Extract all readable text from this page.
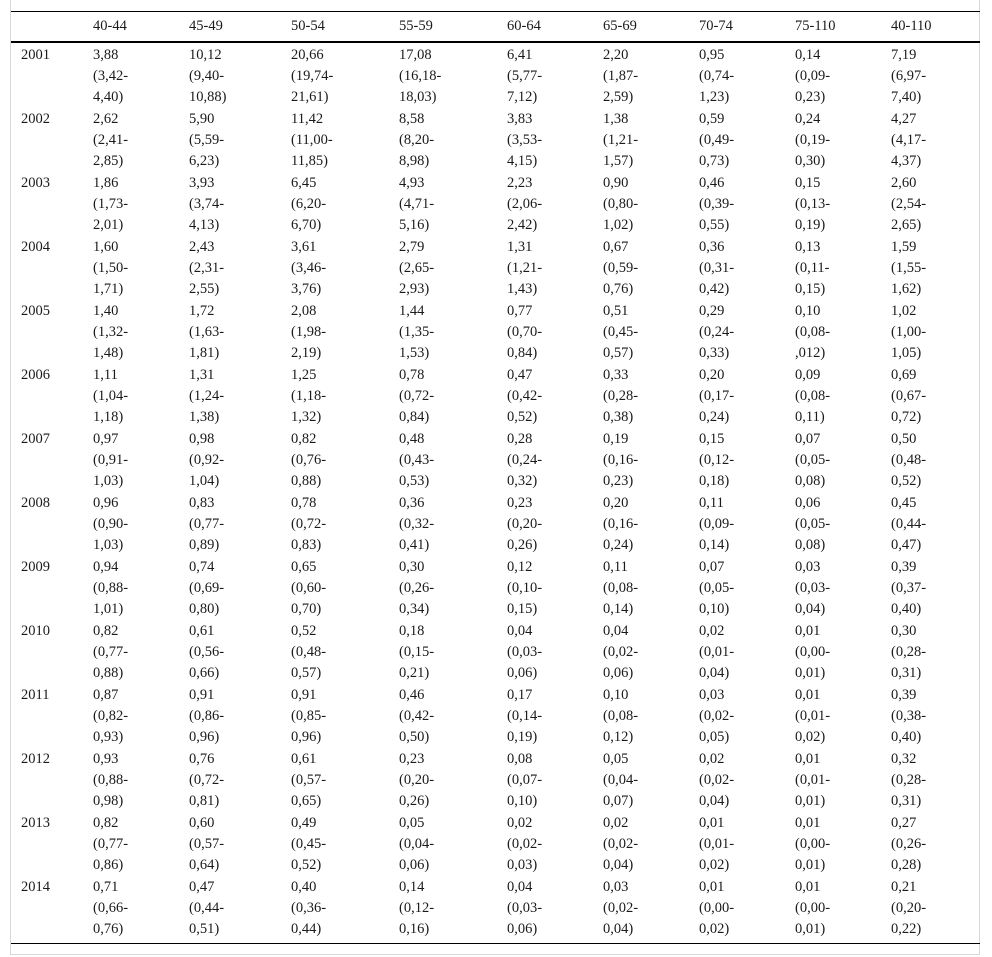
	40-44	45-49	50-54	55-59	60-64	65-69	70-74	75-110	40-110
2001	3,88
(3,42-
4,40)	10,12
(9,40-
10,88)	20,66
(19,74-
21,61)	17,08
(16,18-
18,03)	6,41
(5,77-
7,12)	2,20
(1,87-
2,59)	0,95
(0,74-
1,23)	0,14
(0,09-
0,23)	7,19
(6,97-
7,40)

2002	2,62
(2,41-
2,85)	5,90
(5,59-
6,23)	11,42
(11,00-
11,85)	8,58
(8,20-
8,98)	3,83
(3,53-
4,15)	1,38
(1,21-
1,57)	0,59
(0,49-
0,73)	0,24
(0,19-
0,30)	4,27
(4,17-
4,37)

2003	1,86
(1,73-
2,01)	3,93
(3,74-
4,13)	6,45
(6,20-
6,70)	4,93
(4,71-
5,16)	2,23
(2,06-
2,42)	0,90
(0,80-
1,02)	0,46
(0,39-
0,55)	0,15
(0,13-
0,19)	2,60
(2,54-
2,65)

2004	1,60
(1,50-
1,71)	2,43
(2,31-
2,55)	3,61
(3,46-
3,76)	2,79
(2,65-
2,93)	1,31
(1,21-
1,43)	0,67
(0,59-
0,76)	0,36
(0,31-
0,42)	0,13
(0,11-
0,15)	1,59
(1,55-
1,62)

2005	1,40
(1,32-
1,48)	1,72
(1,63-
1,81)	2,08
(1,98-
2,19)	1,44
(1,35-
1,53)	0,77
(0,70-
0,84)	0,51
(0,45-
0,57)	0,29
(0,24-
0,33)	0,10
(0,08-
,012)	1,02
(1,00-
1,05)

2006	1,11
(1,04-
1,18)	1,31
(1,24-
1,38)	1,25
(1,18-
1,32)	0,78
(0,72-
0,84)	0,47
(0,42-
0,52)	0,33
(0,28-
0,38)	0,20
(0,17-
0,24)	0,09
(0,08-
0,11)	0,69
(0,67-
0,72)

2007	0,97
(0,91-
1,03)	0,98
(0,92-
1,04)	0,82
(0,76-
0,88)	0,48
(0,43-
0,53)	0,28
(0,24-
0,32)	0,19
(0,16-
0,23)	0,15
(0,12-
0,18)	0,07
(0,05-
0,08)	0,50
(0,48-
0,52)

2008	0,96
(0,90-
1,03)	0,83
(0,77-
0,89)	0,78
(0,72-
0,83)	0,36
(0,32-
0,41)	0,23
(0,20-
0,26)	0,20
(0,16-
0,24)	0,11
(0,09-
0,14)	0,06
(0,05-
0,08)	0,45
(0,44-
0,47)

2009	0,94
(0,88-
1,01)	0,74
(0,69-
0,80)	0,65
(0,60-
0,70)	0,30
(0,26-
0,34)	0,12
(0,10-
0,15)	0,11
(0,08-
0,14)	0,07
(0,05-
0,10)	0,03
(0,03-
0,04)	0,39
(0,37-
0,40)

2010	0,82
(0,77-
0,88)	0,61
(0,56-
0,66)	0,52
(0,48-
0,57)	0,18
(0,15-
0,21)	0,04
(0,03-
0,06)	0,04
(0,02-
0,06)	0,02
(0,01-
0,04)	0,01
(0,00-
0,01)	0,30
(0,28-
0,31)

2011	0,87
(0,82-
0,93)	0,91
(0,86-
0,96)	0,91
(0,85-
0,96)	0,46
(0,42-
0,50)	0,17
(0,14-
0,19)	0,10
(0,08-
0,12)	0,03
(0,02-
0,05)	0,01
(0,01-
0,02)	0,39
(0,38-
0,40)

2012	0,93
(0,88-
0,98)	0,76
(0,72-
0,81)	0,61
(0,57-
0,65)	0,23
(0,20-
0,26)	0,08
(0,07-
0,10)	0,05
(0,04-
0,07)	0,02
(0,02-
0,04)	0,01
(0,01-
0,01)	0,32
(0,28-
0,31)

2013	0,82
(0,77-
0,86)	0,60
(0,57-
0,64)	0,49
(0,45-
0,52)	0,05
(0,04-
0,06)	0,02
(0,02-
0,03)	0,02
(0,02-
0,04)	0,01
(0,01-
0,02)	0,01
(0,00-
0,01)	0,27
(0,26-
0,28)

2014	0,71
(0,66-
0,76)	0,47
(0,44-
0,51)	0,40
(0,36-
0,44)	0,14
(0,12-
0,16)	0,04
(0,03-
0,06)	0,03
(0,02-
0,04)	0,01
(0,00-
0,02)	0,01
(0,00-
0,01)	0,21
(0,20-
0,22)
